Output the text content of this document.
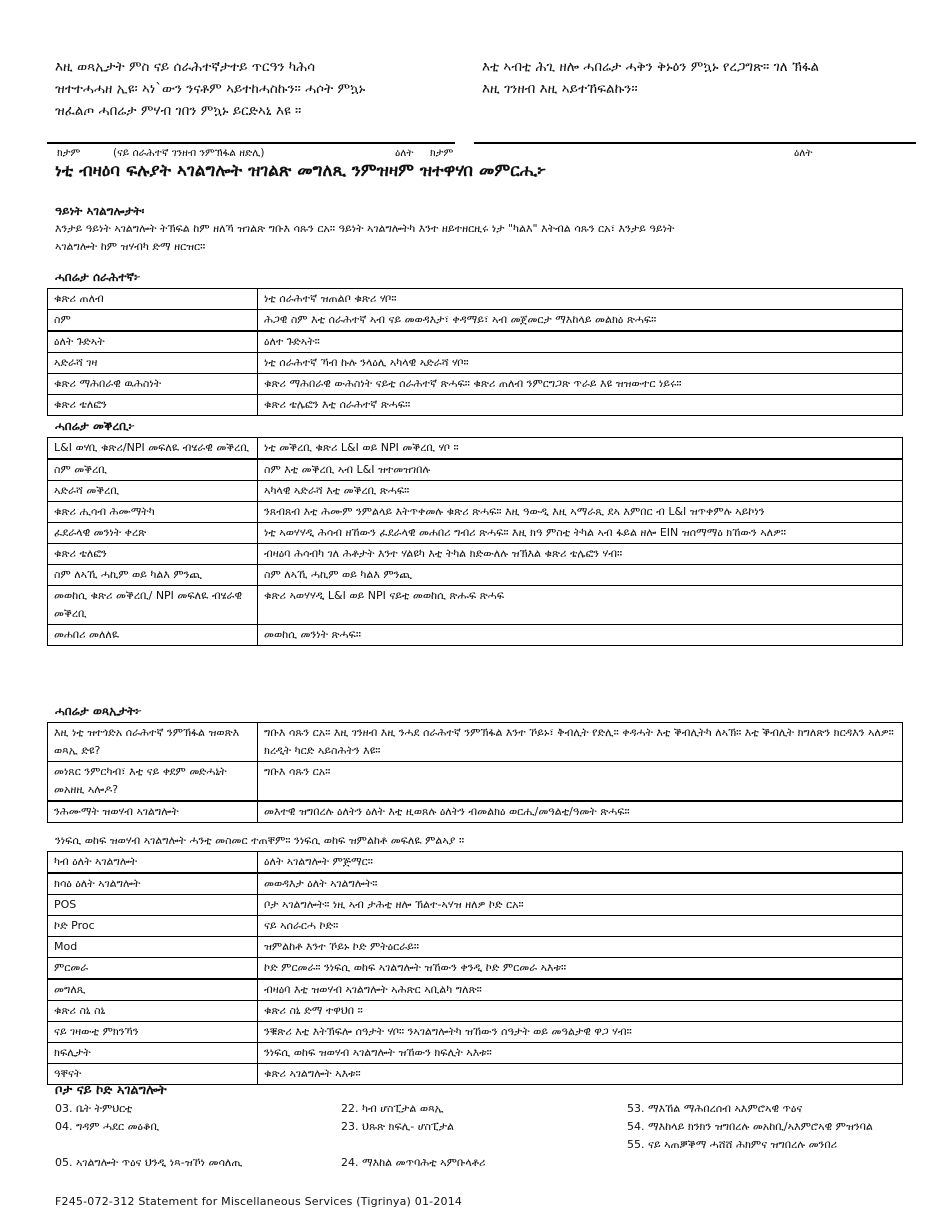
እዚ ወጻኢታት ምስ ናይ ሰራሕተኛታተይ ጥርዓን ካሕሳ
ዝተተሓሓዘ ኢዩ፡ ኣነ`ውን ንናቶም ኣይተከሓስኩን። ሓሶት ምኳኑ
ዝፈልጦ ሓበሬታ ምሃብ ገበን ምኳኑ ይርድኣኒ እዩ ።
እቲ ኣብቲ ሕጊ ዘሎ ሓበሬታ ሓቅን ቅኑዕን ምኳኑ የረጋግጽ። ገለ ኽፋል
እዚ ገንዘብ እዚ ኣይተኸፍልኩን።
ክታም	(ናይ ሰራሕተኛ ገንዘብ ንምኽፋል ዘድሊ)	ዕለት ክታም	ዕለት
ነቲ ብዛዕባ ፍሉያት ኣገልግሎት ዝገልጽ መግለጺ ንምዝዛም ዝተዋሃበ መምርሒ፦
ዓይነት ኣገልግሎታት፡
እንታይ ዓይነት ኣገልግሎት ትኽፍል ከም ዘለኻ ዝገልጽ ግቡእ ሳጹን ርአ። ዓይነት ኣገልግሎትካ እንተ ዘይተዘርዚሩ ነታ "ካልእ" እትብል ሳጹን ርአ፣ እንታይ ዓይነት
ኣገልግሎት ከም ዝሃብካ ድማ ዘርዝር።
ሓበሬታ ሰራሕተኛ፦
ቁጽሪ ጠለብ	ነቲ ሰራሕተኛ ዝጠልቦ ቁጽሪ ሃቦ።
ስም	ሕጋዊ ስም እቲ ሰራሕተኛ ኣብ ናይ መወዳእታ፣ ቀዳማይ፣ ኣብ መጀመርታ ማእከላይ መልክዕ ጽሓፍ።
ዕለት ጉድኣት	ዕለተ ጉድኣት።
ኣድራሻ ገዛ	ነቲ ሰራሕተኛ ኻብ ኩሉ ንላዕሊ ኣካላዊ ኣድራሻ ሃቦ።
ቁጽሪ ማሕበራዊ ዉሕስነት	ቁጽሪ ማሕበራዊ ውሕስነት ናይቲ ሰራሕተኛ ጽሓፍ። ቁጽሪ ጠለብ ንምርግጋጽ ጥራይ እዩ ዝዝውተር ነይሩ።
ቁጽሪ ቴለፎን	ቁጽሪ ቴሌፎን እቲ ሰራሕተኛ ጽሓፍ።
ሓበሬታ መቕረቢ፦
L&I ወሃቢ ቁጽሪ/NPI መፍለዪ ብሄራዊ መቕረቢ	ነቲ መቕረቢ ቁጽሪ L&I ወይ NPI መቕረቢ ሃቦ ።
ስም መቕረቢ	ስም እቲ መቕረቢ ኣብ L&I ዝተመዝገበሉ
ኣድራሻ መቕረቢ	ኣካላዊ ኣድራሻ እቲ መቕረቢ ጽሓፍ።
ቁጽሪ ሒሳብ ሕሙማትካ	ንጸብጸብ እቲ ሕሙም ንምልላይ እትጥቀመሉ ቁጽሪ ጽሓፍ። እዚ ዓውዲ እዚ ኣማራጺ ደኣ እምበር ብ L&I ዝጥቀምሉ ኣይኮነን
ፈደራላዊ መንነት ቀረጽ	ነቲ ኣወሃሃዲ ሕሳብ ዘኸውን ፈደራላዊ መሐበሪ ግብሪ ጽሓፍ። እዚ ክዓ ምስቲ ትካል ኣብ ፋይል ዘሎ EIN ዝሰማማዕ ክኸውን ኣለዎ።
ቁጽሪ ቴለፎን	ብዛዕባ ሕሳብካ ገለ ሕቶታት እንተ ሃልዩካ እቲ ትካል ክድውለሉ ዝኽእል ቁጽሪ ቴሌፎን ሃብ።
ስም ለኣኺ ሓኪም ወይ ካልእ ምንጪ	ስም ለኣኺ ሓኪም ወይ ካልእ ምንጪ
መወከሲ ቁጽሪ መቕረቢ/ NPI መፍለዪ ብሄራዊ መቕረቢ	ቁጽሪ ኣወሃሃዲ L&I ወይ NPI ናይቲ መወከሲ ጽሑፍ ጽሓፍ
መሐበሪ መለለዪ	መወከሲ መንነት ጽሓፍ።
ሓበሬታ ወጻኢታት፦
እዚ ነቲ ዝተጎድአ ሰራሕተኛ ንምኽፋል ዝወጽእ ወጻኢ ድዩ?	ግቡእ ሳጹን ርአ። እዚ ገንዘብ እዚ ንሓደ ሰራሕተኛ ንምኽፋል እንተ ኾይኑ፣ ቅብሊት የድሊ። ቀዳሓት እቲ ቕብሊትካ ለኣኽ። እቲ ቕብሊት ክግለጽን ክርዳእን ኣለዎ። ክረዲት ካርድ ኣይስሕትን እዩ።
መነጸር ንምርካብ፣ እቲ ናይ ቀደም መድሓኒት መአዘዚ ኣሎዶ?	ግቡእ ሳጹን ርአ።
ንሕሙማት ዝወሃብ ኣገልግሎት	መእተዊ ዝግበረሉ ዕለትን ዕለት እቲ ዚወጸሉ ዕለትን ብመልክዕ ወርሒ/መዓልቲ/ዓመት ጽሓፍ።
ንነፍሲ ወከፍ ዝወሃብ ኣገልግሎት ሓንቲ መስመር ተጠቐም። ንነፍሲ ወከፍ ዝምልከቶ መፍለዪ ምልኣያ ።
ካብ ዕለት ኣገልግሎት	ዕለት ኣገልግሎት ምጅማር።
ክሳዕ ዕለት ኣገልግሎት	መወዳእታ ዕለት ኣገልግሎት።
POS	ቦታ ኣገልግሎት። ነዚ ኣብ ታሕቲ ዘሎ ኽልተ-ኣሃዝ ዘለዎ ኮድ ርአ።
ኮድ Proc	ናይ ኣሰራርሓ ኮድ።
Mod	ዝምልከቶ እንተ ኾይኑ ኮድ ምትዕርራይ።
ምርመራ	ኮድ ምርመራ። ንነፍሲ ወከፍ ኣገልግሎት ዝኸውን ቀንዲ ኮድ ምርመራ ኣእቱ።
መግለጺ	ብዛዕባ እቲ ዝወሃብ ኣገልግሎት ኣሕጽር ኣቢልካ ግለጽ።
ቁጽሪ ስኒ ስኒ	ቁጽሪ ስኒ ድማ ተዋህበ ።
ናይ ገዛውቲ ምክንኻን	ንቑጽሪ እቲ እትኽፍሎ ሰዓታት ሃቦ። ንኣገልግሎትካ ዝኸውን ሰዓታት ወይ መዓልታዊ ዋጋ ሃብ።
ክፍሊታት	ንነፍሲ ወከፍ ዝወሃብ ኣገልግሎት ዝኸውን ክፍሊት ኣእቱ።
ዓቐናት	ቁጽሪ ኣገልግሎት ኣእቱ።
ቦታ ናይ ኮድ ኣገልግሎት
03. ቤት ትምህርቲ
04. ግዳም ሓደር መዕቆቢ
05. ኣገልግሎት ጥዕና ህንዲ ነጻ-ዝኾነ መሳለጢ
22. ካብ ሆስፒታል ወጻኢ
23. ህጹጽ ክፍሊ- ሆስፒታል
24. ማእከል መጥባሕቲ ኣምቡላቶሪ
53. ማእኸል ማሕበረሰብ ኣእምሮኣዊ ጥዕና
54. ማእከላይ ክንክን ዝግበረሉ መአከቢ/ኣእምሮኣዊ ምዝንባል
55. ናይ ኣጠቓቕማ ሓሸሸ ሕክምና ዝግበረሉ መንበሪ
F245-072-312 Statement for Miscellaneous Services (Tigrinya) 01-2014
